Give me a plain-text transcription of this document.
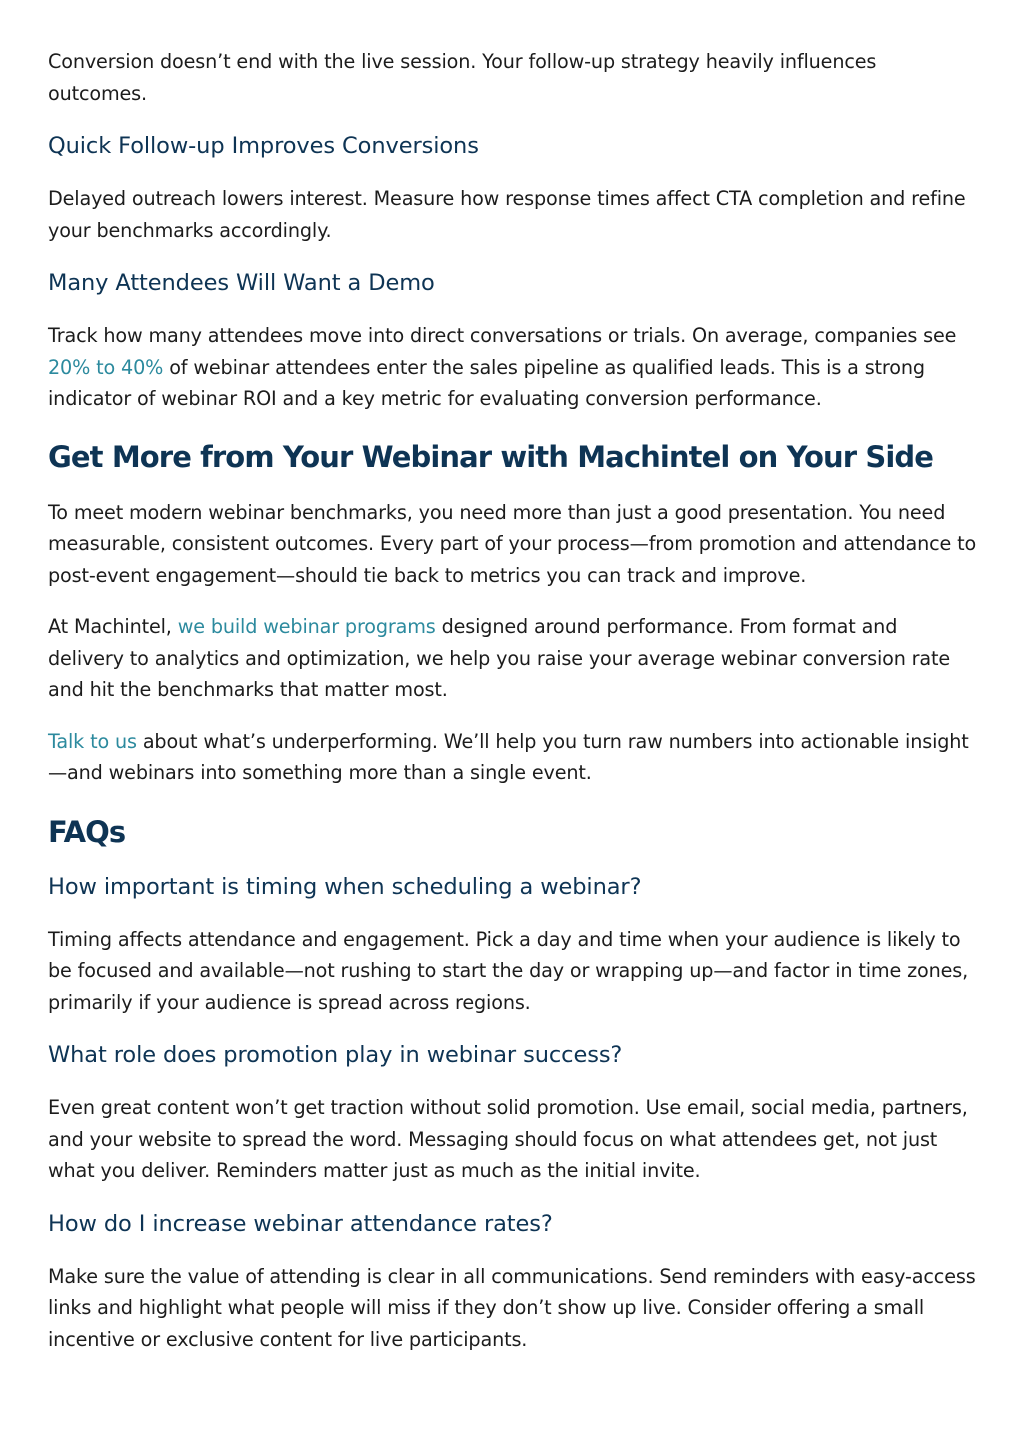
Conversion doesn’t end with the live session. Your follow-up strategy heavily influences outcomes.

Quick Follow-up Improves Conversions

Delayed outreach lowers interest. Measure how response times affect CTA completion and refine your benchmarks accordingly.

Many Attendees Will Want a Demo

Track how many attendees move into direct conversations or trials. On average, companies see 20% to 40% of webinar attendees enter the sales pipeline as qualified leads. This is a strong indicator of webinar ROI and a key metric for evaluating conversion performance.

Get More from Your Webinar with Machintel on Your Side

To meet modern webinar benchmarks, you need more than just a good presentation. You need measurable, consistent outcomes. Every part of your process—from promotion and attendance to post-event engagement—should tie back to metrics you can track and improve.

At Machintel, we build webinar programs designed around performance. From format and delivery to analytics and optimization, we help you raise your average webinar conversion rate and hit the benchmarks that matter most.

Talk to us about what’s underperforming. We’ll help you turn raw numbers into actionable insight—and webinars into something more than a single event.

FAQs
How important is timing when scheduling a webinar?

Timing affects attendance and engagement. Pick a day and time when your audience is likely to be focused and available—not rushing to start the day or wrapping up—and factor in time zones, primarily if your audience is spread across regions.

What role does promotion play in webinar success?

Even great content won’t get traction without solid promotion. Use email, social media, partners, and your website to spread the word. Messaging should focus on what attendees get, not just what you deliver. Reminders matter just as much as the initial invite.

How do I increase webinar attendance rates?

Make sure the value of attending is clear in all communications. Send reminders with easy-access links and highlight what people will miss if they don’t show up live. Consider offering a small incentive or exclusive content for live participants.
